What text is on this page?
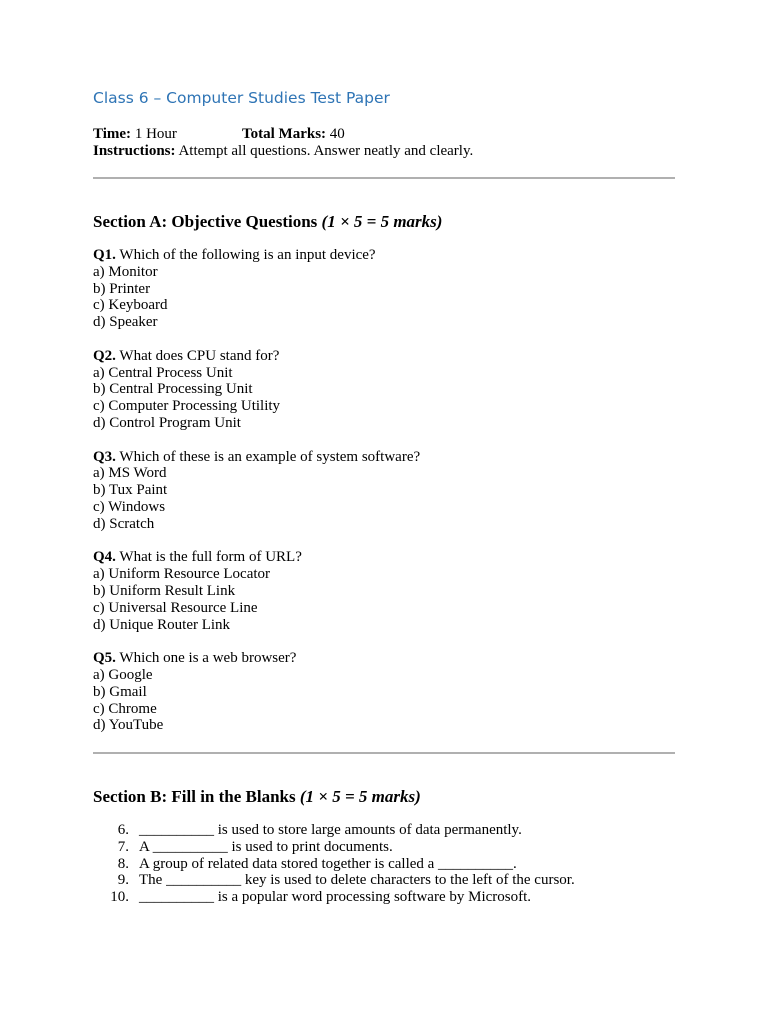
Class 6 – Computer Studies Test Paper
Time: 1 Hour	Total Marks: 40
Instructions: Attempt all questions. Answer neatly and clearly.
Section A: Objective Questions (1 × 5 = 5 marks)
Q1. Which of the following is an input device?
a) Monitor
b) Printer
c) Keyboard
d) Speaker
Q2. What does CPU stand for?
a) Central Process Unit
b) Central Processing Unit
c) Computer Processing Utility
d) Control Program Unit
Q3. Which of these is an example of system software?
a) MS Word
b) Tux Paint
c) Windows
d) Scratch
Q4. What is the full form of URL?
a) Uniform Resource Locator
b) Uniform Result Link
c) Universal Resource Line
d) Unique Router Link
Q5. Which one is a web browser?
a) Google
b) Gmail
c) Chrome
d) YouTube
Section B: Fill in the Blanks (1 × 5 = 5 marks)
6. __________ is used to store large amounts of data permanently.
7. A __________ is used to print documents.
8. A group of related data stored together is called a __________.
9. The __________ key is used to delete characters to the left of the cursor.
10. __________ is a popular word processing software by Microsoft.
